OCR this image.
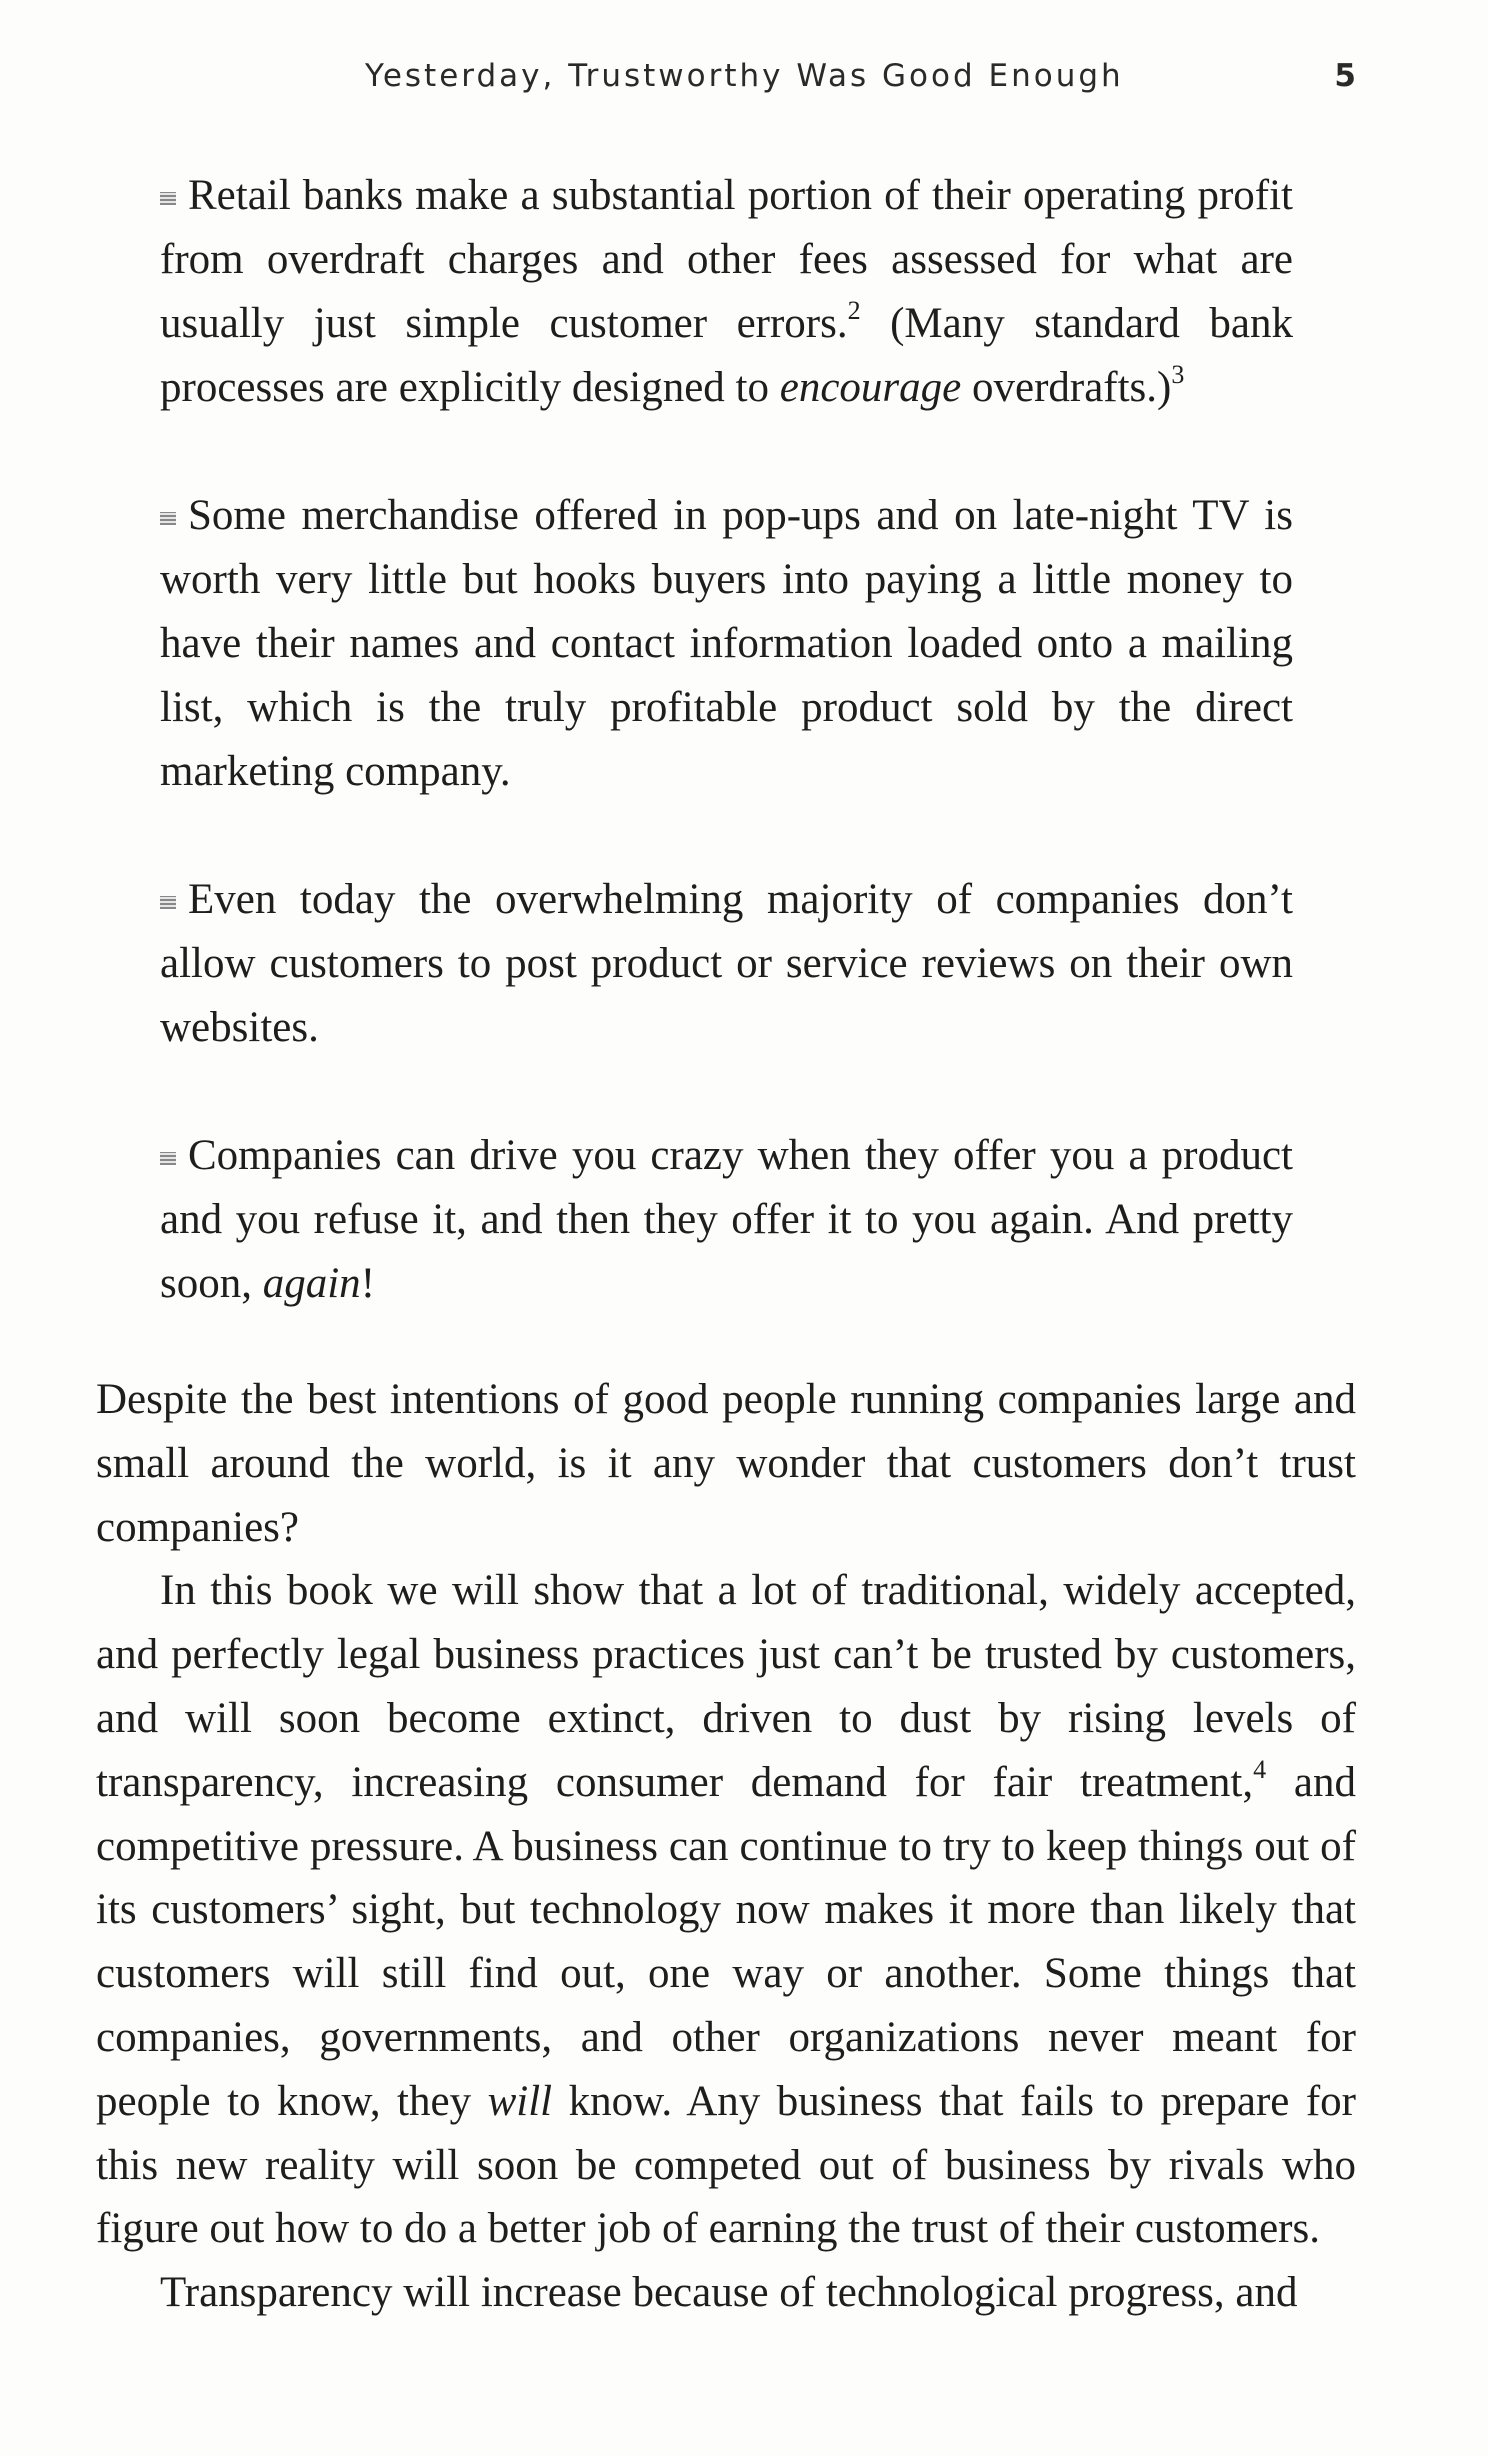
Yesterday, Trustworthy Was Good Enough	5

Retail banks make a substantial portion of their operating profit from overdraft charges and other fees assessed for what are usually just simple customer errors.$^2$ (Many standard bank processes are explicitly designed to encourage overdrafts.)$^3$

Some merchandise offered in pop-ups and on late-night TV is worth very little but hooks buyers into paying a little money to have their names and contact information loaded onto a mailing list, which is the truly profitable product sold by the direct marketing company.

Even today the overwhelming majority of companies don’t allow customers to post product or service reviews on their own websites.

Companies can drive you crazy when they offer you a product and you refuse it, and then they offer it to you again. And pretty soon, again!

Despite the best intentions of good people running companies large and small around the world, is it any wonder that customers don’t trust companies?

In this book we will show that a lot of traditional, widely accepted, and perfectly legal business practices just can’t be trusted by customers, and will soon become extinct, driven to dust by rising levels of transparency, increasing consumer demand for fair treatment,$^4$ and competitive pressure. A business can continue to try to keep things out of its customers’ sight, but technology now makes it more than likely that customers will still find out, one way or another. Some things that companies, governments, and other organizations never meant for people to know, they will know. Any business that fails to prepare for this new reality will soon be competed out of business by rivals who figure out how to do a better job of earning the trust of their customers.

Transparency will increase because of technological progress, and
